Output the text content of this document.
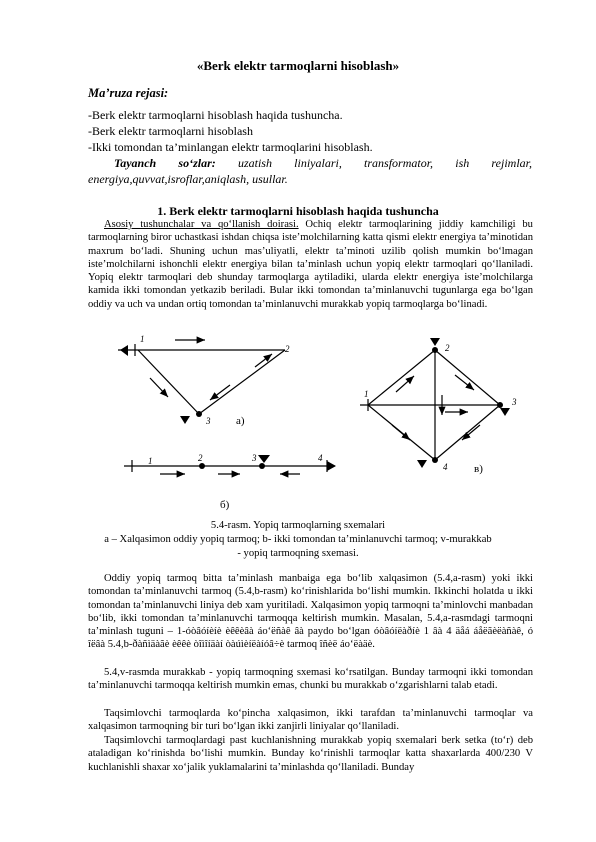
«Berk elektr tarmoqlarni hisoblash»
Ma’ruza rejasi:
-Berk elektr tarmoqlarni hisoblash haqida tushuncha.
-Berk elektr tarmoqlarni hisoblash
-Ikki tomondan ta’minlangan elektr tarmoqlarini hisoblash.
Tayanch so‘zlar: uzatish liniyalari, transformator, ish rejimlar, energiya,quvvat,isroflar,aniqlash, usullar.
1. Berk elektr tarmoqlarni hisoblash haqida tushuncha
Asosiy tushunchalar va qo‘llanish doirasi. Ochiq elektr tarmoqlarining jiddiy kamchiligi bu tarmoqlarning biror uchastkasi ishdan chiqsa iste’molchilarning katta qismi elektr energiya ta’minotidan maxrum bo‘ladi. Shuning uchun mas’uliyatli, elektr ta’minoti uzilib qolish mumkin bo‘lmagan iste’molchilarni ishonchli elektr energiya bilan ta’minlash uchun yopiq elektr tarmoqlari qo‘llaniladi. Yopiq elektr tarmoqlari deb shunday tarmoqlarga aytiladiki, ularda elektr energiya iste’molchilarga kamida ikki tomondan yetkazib beriladi. Bular ikki tomondan ta’minlanuvchi tugunlarga ega bo‘lgan oddiy va uch va undan ortiq tomondan ta’minlanuvchi murakkab yopiq tarmoqlarga bo‘linadi.
1
2
3 a)
1	2	3	4
б)
1
2
3
4 в)
5.4-rasm. Yopiq tarmoqlarning sxemalari
a – Xalqasimon oddiy yopiq tarmoq; b- ikki tomondan ta’minlanuvchi tarmoq; v-murakkab
- yopiq tarmoqning sxemasi.
Oddiy yopiq tarmoq bitta ta’minlash manbaiga ega bo‘lib xalqasimon (5.4,a-rasm) yoki ikki tomondan ta’minlanuvchi tarmoq (5.4,b-rasm) ko‘rinishlarida bo‘lishi mumkin. Ikkinchi holatda u ikki tomondan ta’minlanuvchi liniya deb xam yuritiladi. Xalqasimon yopiq tarmoqni ta’minlovchi manbadan bo‘lib, ikki tomondan ta’minlanuvchi tarmoqqa keltirish mumkin. Masalan, 5.4,a-rasmdagi tarmoqni ta’minlash tuguni – 1-óòâóíèíè èêêèâà áo‘ëñàê âà paydo bo‘lgan óòâóíëàðíè 1 âà 4 äåá áåëãèëàñàê, ó îëâà 5.4,b-ðàñìäàãè èêêè òîìîíäàí òàúìèíëàíóâ÷è tarmoq îñèë áo‘ëàäè.
5.4,v-rasmda murakkab - yopiq tarmoqning sxemasi ko‘rsatilgan. Bunday tarmoqni ikki tomondan ta’minlanuvchi tarmoqqa keltirish mumkin emas, chunki bu murakkab o‘zgarishlarni talab etadi.
Taqsimlovchi tarmoqlarda ko‘pincha xalqasimon, ikki tarafdan ta’minlanuvchi tarmoqlar va xalqasimon tarmoqning bir turi bo‘lgan ikki zanjirli liniyalar qo‘llaniladi.
Taqsimlovchi tarmoqlardagi past kuchlanishning murakkab yopiq sxemalari berk setka (to‘r) deb ataladigan ko‘rinishda bo‘lishi mumkin. Bunday ko‘rinishli tarmoqlar katta shaxarlarda 400/230 V kuchlanishli shaxar xo‘jalik yuklamalarini ta’minlashda qo‘llaniladi. Bunday
